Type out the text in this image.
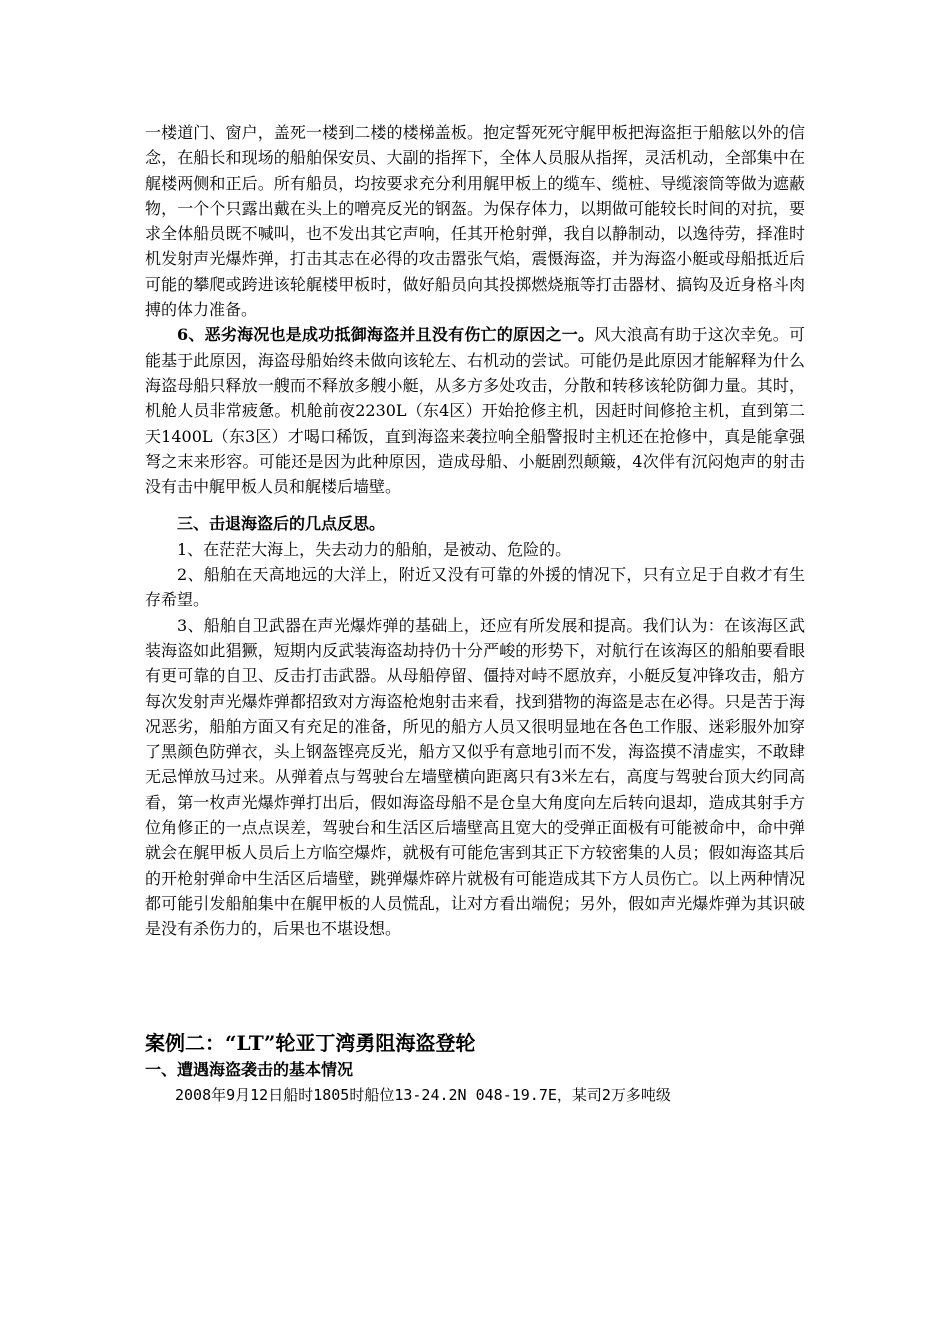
一楼道门、窗户，盖死一楼到二楼的楼梯盖板。抱定誓死死守艉甲板把海盗拒于船舷以外的信念，在船长和现场的船舶保安员、大副的指挥下，全体人员服从指挥，灵活机动，全部集中在艉楼两侧和正后。所有船员，均按要求充分利用艉甲板上的缆车、缆桩、导缆滚筒等做为遮蔽物，一个个只露出戴在头上的噌亮反光的钢盔。为保存体力，以期做可能较长时间的对抗，要求全体船员既不喊叫，也不发出其它声响，任其开枪射弹，我自以静制动，以逸待劳，择准时机发射声光爆炸弹，打击其志在必得的攻击嚣张气焰，震慑海盗，并为海盗小艇或母船抵近后可能的攀爬或跨进该轮艉楼甲板时，做好船员向其投掷燃烧瓶等打击器材、搞钩及近身格斗肉搏的体力准备。

6、恶劣海况也是成功抵御海盗并且没有伤亡的原因之一。风大浪高有助于这次幸免。可能基于此原因，海盗母船始终未做向该轮左、右机动的尝试。可能仍是此原因才能解释为什么海盗母船只释放一艘而不释放多艘小艇，从多方多处攻击，分散和转移该轮防御力量。其时，机舱人员非常疲惫。机舱前夜2230L（东4区）开始抢修主机，因赶时间修抢主机，直到第二天1400L（东3区）才喝口稀饭，直到海盗来袭拉响全船警报时主机还在抢修中，真是能拿强弩之末来形容。可能还是因为此种原因，造成母船、小艇剧烈颠簸，4次伴有沉闷炮声的射击没有击中艉甲板人员和艉楼后墙壁。

三、击退海盗后的几点反思。

1、在茫茫大海上，失去动力的船舶，是被动、危险的。

2、船舶在天高地远的大洋上，附近又没有可靠的外援的情况下，只有立足于自救才有生存希望。

3、船舶自卫武器在声光爆炸弹的基础上，还应有所发展和提高。我们认为：在该海区武装海盗如此猖獗，短期内反武装海盗劫持仍十分严峻的形势下，对航行在该海区的船舶要看眼有更可靠的自卫、反击打击武器。从母船停留、僵持对峙不愿放弃，小艇反复冲锋攻击，船方每次发射声光爆炸弹都招致对方海盗枪炮射击来看，找到猎物的海盗是志在必得。只是苦于海况恶劣，船舶方面又有充足的准备，所见的船方人员又很明显地在各色工作服、迷彩服外加穿了黑颜色防弹衣，头上钢盔铿亮反光，船方又似乎有意地引而不发，海盗摸不清虚实，不敢肆无忌惮放马过来。从弹着点与驾驶台左墙壁横向距离只有3米左右，高度与驾驶台顶大约同高看，第一枚声光爆炸弹打出后，假如海盗母船不是仓皇大角度向左后转向退却，造成其射手方位角修正的一点点误差，驾驶台和生活区后墙壁高且宽大的受弹正面极有可能被命中，命中弹就会在艉甲板人员后上方临空爆炸，就极有可能危害到其正下方较密集的人员；假如海盗其后的开枪射弹命中生活区后墙壁，跳弹爆炸碎片就极有可能造成其下方人员伤亡。以上两种情况都可能引发船舶集中在艉甲板的人员慌乱，让对方看出端倪；另外，假如声光爆炸弹为其识破是没有杀伤力的，后果也不堪设想。

案例二：“LT”轮亚丁湾勇阻海盗登轮
一、遭遇海盗袭击的基本情况

2008年9月12日船时1805时船位13-24.2N 048-19.7E，某司2万多吨级
